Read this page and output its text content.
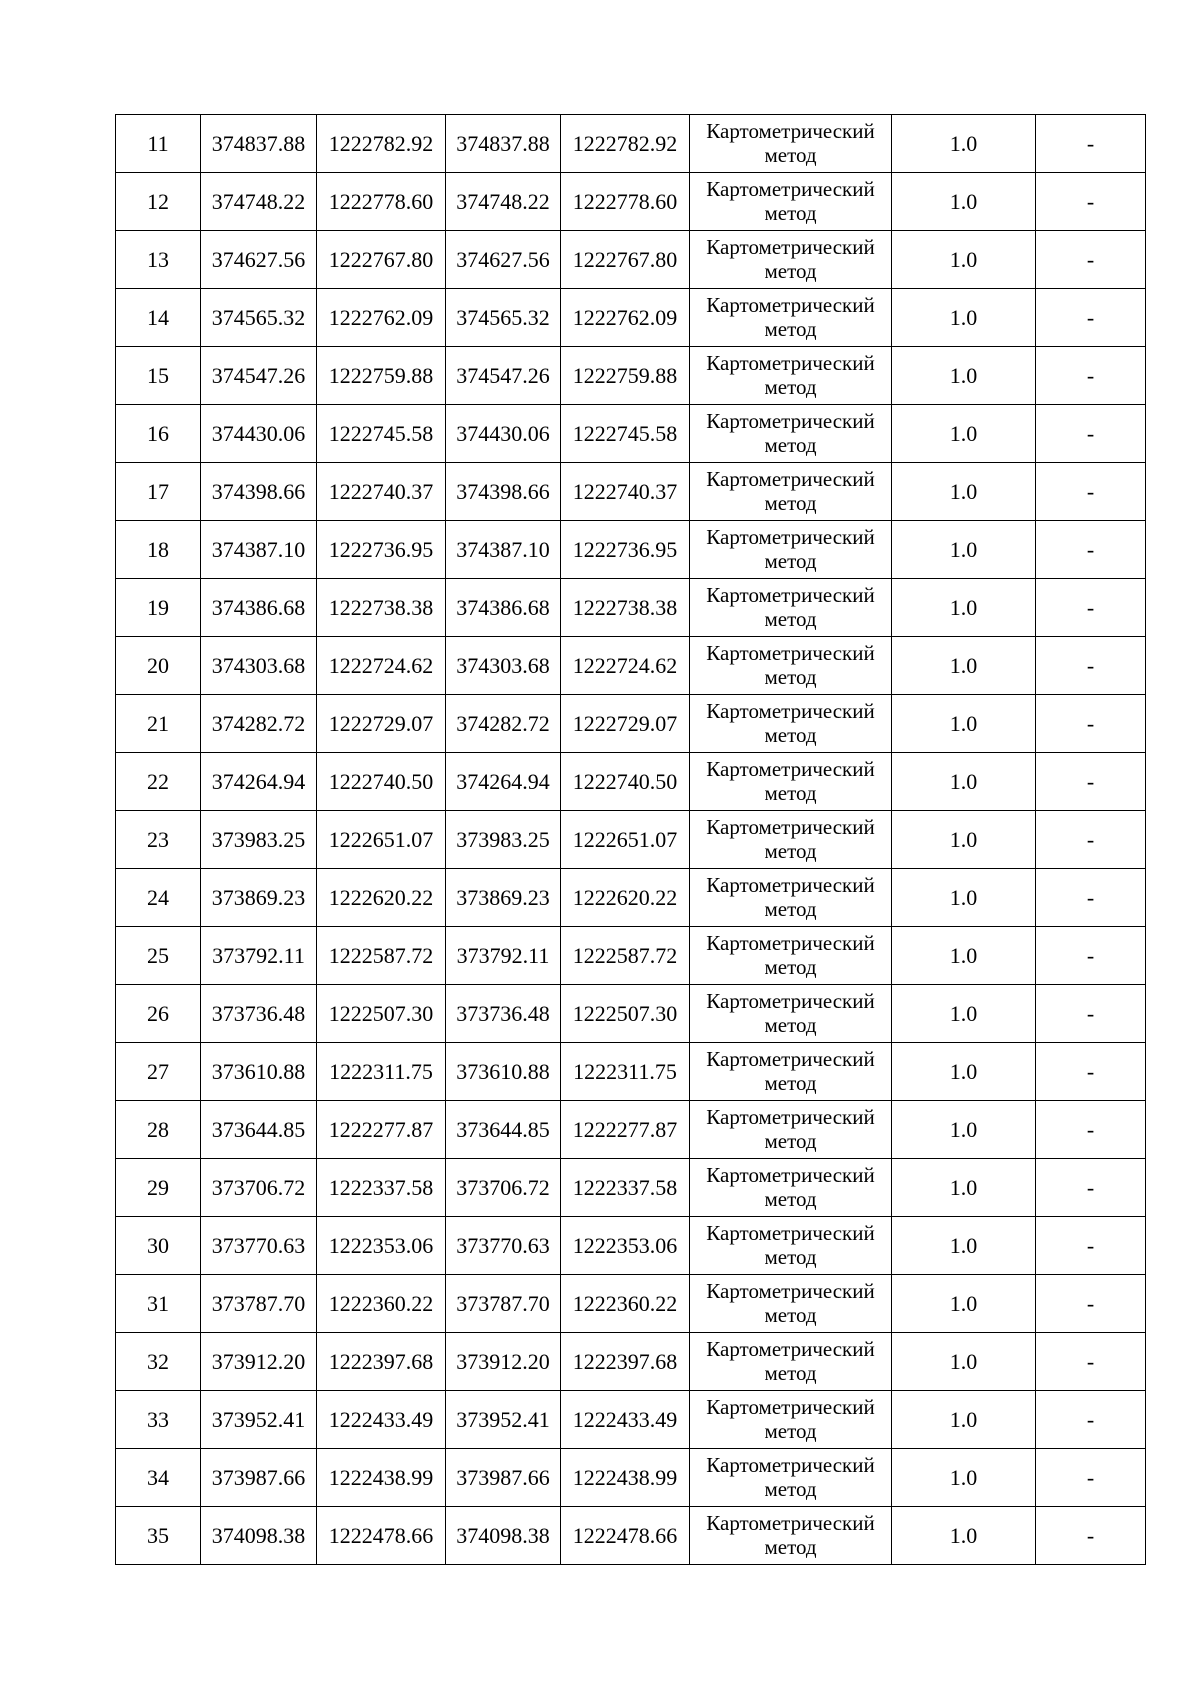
11	374837.88	1222782.92	374837.88	1222782.92	Картометрический
метод	1.0	-
12	374748.22	1222778.60	374748.22	1222778.60	Картометрический
метод	1.0	-
13	374627.56	1222767.80	374627.56	1222767.80	Картометрический
метод	1.0	-
14	374565.32	1222762.09	374565.32	1222762.09	Картометрический
метод	1.0	-
15	374547.26	1222759.88	374547.26	1222759.88	Картометрический
метод	1.0	-
16	374430.06	1222745.58	374430.06	1222745.58	Картометрический
метод	1.0	-
17	374398.66	1222740.37	374398.66	1222740.37	Картометрический
метод	1.0	-
18	374387.10	1222736.95	374387.10	1222736.95	Картометрический
метод	1.0	-
19	374386.68	1222738.38	374386.68	1222738.38	Картометрический
метод	1.0	-
20	374303.68	1222724.62	374303.68	1222724.62	Картометрический
метод	1.0	-
21	374282.72	1222729.07	374282.72	1222729.07	Картометрический
метод	1.0	-
22	374264.94	1222740.50	374264.94	1222740.50	Картометрический
метод	1.0	-
23	373983.25	1222651.07	373983.25	1222651.07	Картометрический
метод	1.0	-
24	373869.23	1222620.22	373869.23	1222620.22	Картометрический
метод	1.0	-
25	373792.11	1222587.72	373792.11	1222587.72	Картометрический
метод	1.0	-
26	373736.48	1222507.30	373736.48	1222507.30	Картометрический
метод	1.0	-
27	373610.88	1222311.75	373610.88	1222311.75	Картометрический
метод	1.0	-
28	373644.85	1222277.87	373644.85	1222277.87	Картометрический
метод	1.0	-
29	373706.72	1222337.58	373706.72	1222337.58	Картометрический
метод	1.0	-
30	373770.63	1222353.06	373770.63	1222353.06	Картометрический
метод	1.0	-
31	373787.70	1222360.22	373787.70	1222360.22	Картометрический
метод	1.0	-
32	373912.20	1222397.68	373912.20	1222397.68	Картометрический
метод	1.0	-
33	373952.41	1222433.49	373952.41	1222433.49	Картометрический
метод	1.0	-
34	373987.66	1222438.99	373987.66	1222438.99	Картометрический
метод	1.0	-
35	374098.38	1222478.66	374098.38	1222478.66	Картометрический
метод	1.0	-
